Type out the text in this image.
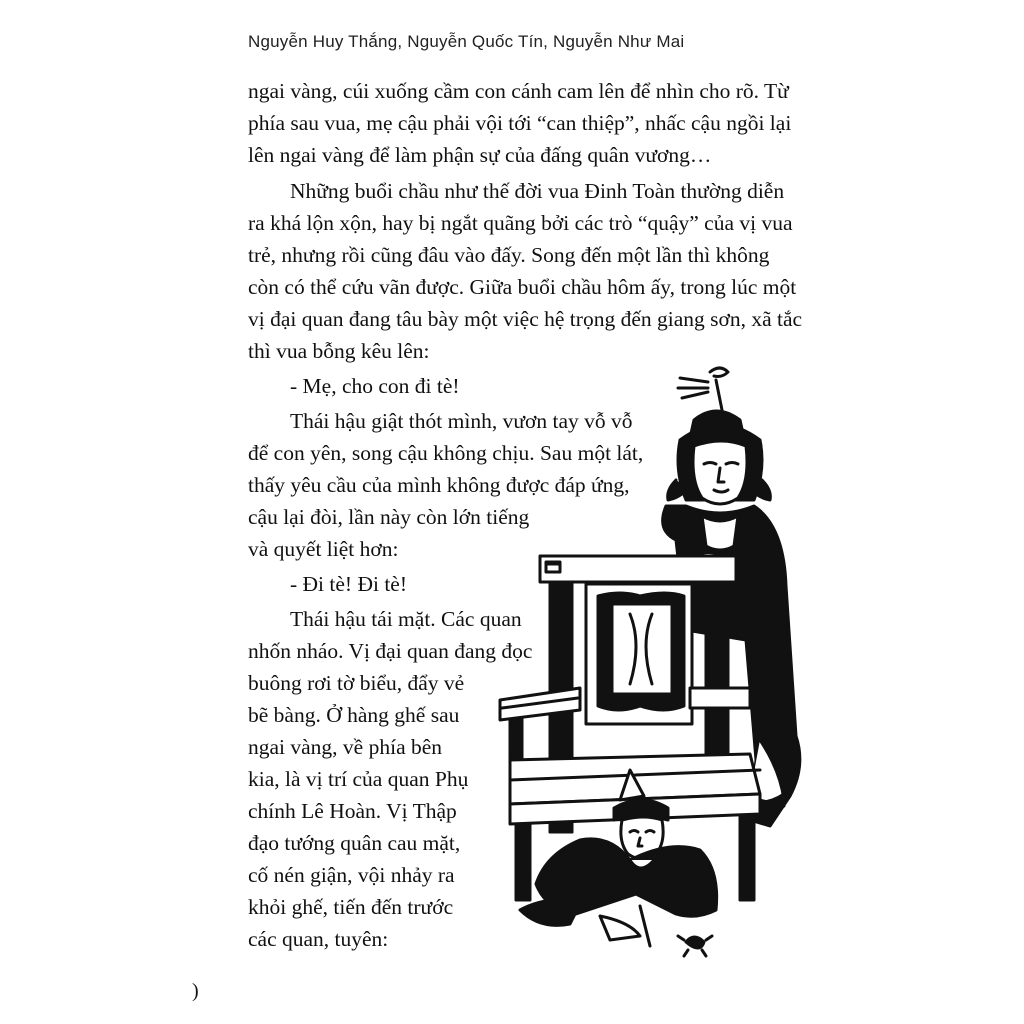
Nguyễn Huy Thắng, Nguyễn Quốc Tín, Nguyễn Như Mai
ngai vàng, cúi xuống cầm con cánh cam lên để nhìn cho rõ. Từ
phía sau vua, mẹ cậu phải vội tới “can thiệp”, nhấc cậu ngồi lại
lên ngai vàng để làm phận sự của đấng quân vương…
Những buổi chầu như thế đời vua Đinh Toàn thường diễn
ra khá lộn xộn, hay bị ngắt quãng bởi các trò “quậy” của vị vua
trẻ, nhưng rồi cũng đâu vào đấy. Song đến một lần thì không
còn có thể cứu vãn được. Giữa buổi chầu hôm ấy, trong lúc một
vị đại quan đang tâu bày một việc hệ trọng đến giang sơn, xã tắc
thì vua bỗng kêu lên:
- Mẹ, cho con đi tè!
Thái hậu giật thót mình, vươn tay vỗ vỗ
để con yên, song cậu không chịu. Sau một lát,
thấy yêu cầu của mình không được đáp ứng,
cậu lại đòi, lần này còn lớn tiếng
và quyết liệt hơn:
- Đi tè! Đi tè!
Thái hậu tái mặt. Các quan
nhốn nháo. Vị đại quan đang đọc
buông rơi tờ biểu, đẩy vẻ
bẽ bàng. Ở hàng ghế sau
ngai vàng, về phía bên
kia, là vị trí của quan Phụ
chính Lê Hoàn. Vị Thập
đạo tướng quân cau mặt,
cố nén giận, vội nhảy ra
khỏi ghế, tiến đến trước
các quan, tuyên:
)
